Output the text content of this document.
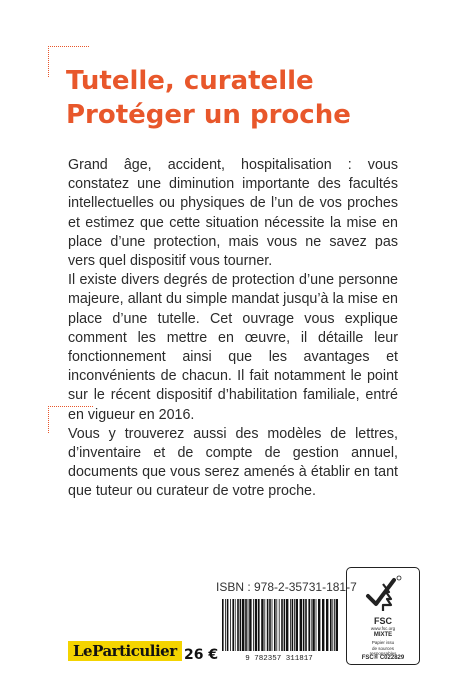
Tutelle, curatelle
Protéger un proche

Grand âge, accident, hospitalisation : vous constatez une diminution importante des facultés intellectuelles ou physiques de l’un de vos proches et estimez que cette situation nécessite la mise en place d’une protection, mais vous ne savez pas vers quel dispositif vous tourner.

Il existe divers degrés de protection d’une personne majeure, allant du simple mandat jusqu’à la mise en place d’une tutelle. Cet ouvrage vous explique comment les mettre en œuvre, il détaille leur fonctionnement ainsi que les avantages et inconvénients de chacun. Il fait notamment le point sur le récent dispositif d’habilitation familiale, entré en vigueur en 2016.

Vous y trouverez aussi des modèles de lettres, d’inventaire et de compte de gestion annuel, documents que vous serez amenés à établir en tant que tuteur ou curateur de votre proche.

ISBN : 978-2-35731-181-7
9 782357 311817
FSC
www.fsc.org
MIXTE
Papier issu
de sources
responsables
FSC® C022829
LeParticulier 26 €
